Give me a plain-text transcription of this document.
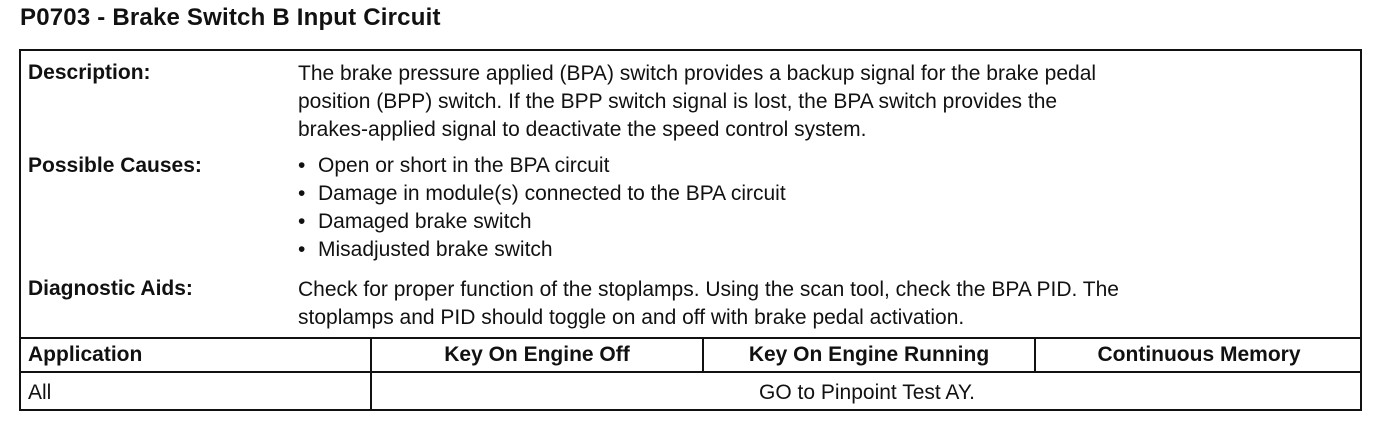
P0703 - Brake Switch B Input Circuit
Description:	The brake pressure applied (BPA) switch provides a backup signal for the brake pedal
position (BPP) switch. If the BPP switch signal is lost, the BPA switch provides the
brakes-applied signal to deactivate the speed control system.
Possible Causes:
•	Open or short in the BPA circuit
• Damage in module(s) connected to the BPA circuit
• Damaged brake switch
• Misadjusted brake switch
Diagnostic Aids:	Check for proper function of the stoplamps. Using the scan tool, check the BPA PID. The
stoplamps and PID should toggle on and off with brake pedal activation.
Application	Key On Engine Off	Key On Engine Running	Continuous Memory
All	GO to Pinpoint Test AY.
